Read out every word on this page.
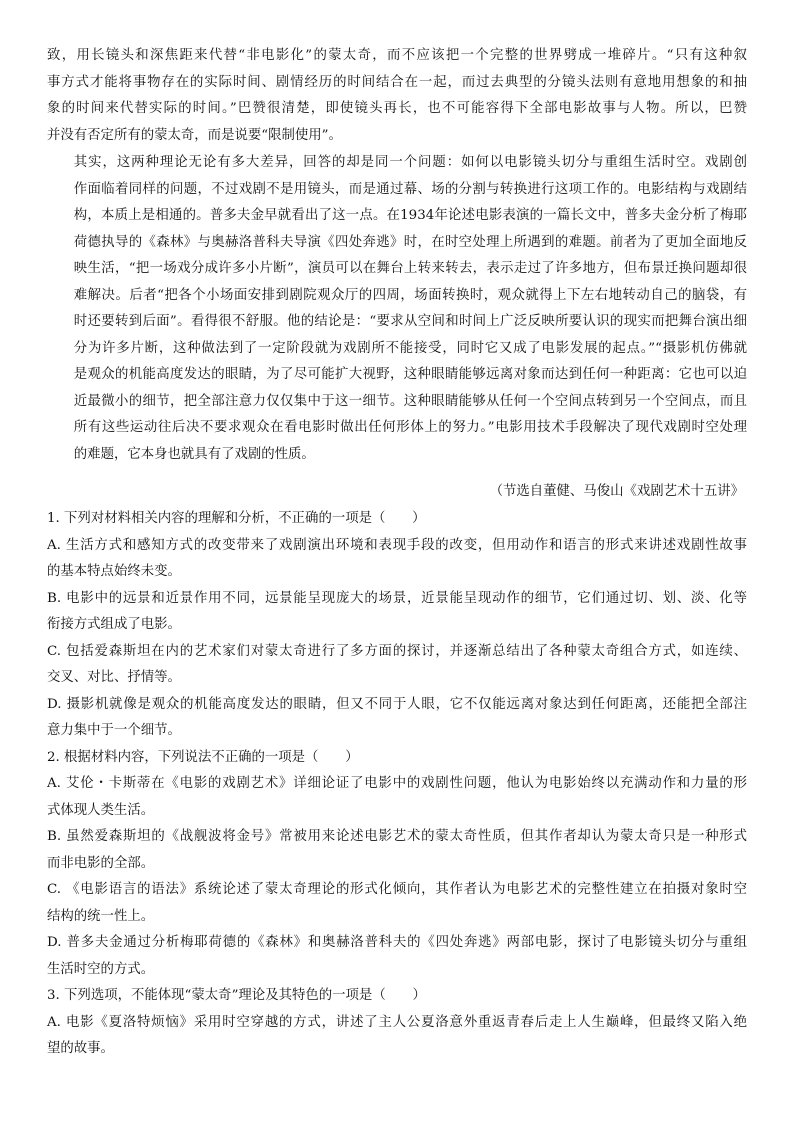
致，用长镜头和深焦距来代替“非电影化”的蒙太奇，而不应该把一个完整的世界劈成一堆碎片。“只有这种叙
事方式才能将事物存在的实际时间、剧情经历的时间结合在一起，而过去典型的分镜头法则有意地用想象的和抽
象的时间来代替实际的时间。”巴赞很清楚，即使镜头再长，也不可能容得下全部电影故事与人物。所以，巴赞
并没有否定所有的蒙太奇，而是说要“限制使用”。
其实，这两种理论无论有多大差异，回答的却是同一个问题：如何以电影镜头切分与重组生活时空。戏剧创
作面临着同样的问题，不过戏剧不是用镜头，而是通过幕、场的分割与转换进行这项工作的。电影结构与戏剧结
构，本质上是相通的。普多夫金早就看出了这一点。在1934年论述电影表演的一篇长文中，普多夫金分析了梅耶
荷德执导的《森林》与奥赫洛普科夫导演《四处奔逃》时，在时空处理上所遇到的难题。前者为了更加全面地反
映生活，“把一场戏分成许多小片断”，演员可以在舞台上转来转去，表示走过了许多地方，但布景迁换问题却很
难解决。后者“把各个小场面安排到剧院观众厅的四周，场面转换时，观众就得上下左右地转动自己的脑袋，有
时还要转到后面”。看得很不舒服。他的结论是：“要求从空间和时间上广泛反映所要认识的现实而把舞台演出细
分为许多片断，这种做法到了一定阶段就为戏剧所不能接受，同时它又成了电影发展的起点。”“摄影机仿佛就
是观众的机能高度发达的眼睛，为了尽可能扩大视野，这种眼睛能够远离对象而达到任何一种距离：它也可以迫
近最微小的细节，把全部注意力仅仅集中于这一细节。这种眼睛能够从任何一个空间点转到另一个空间点，而且
所有这些运动往后决不要求观众在看电影时做出任何形体上的努力。”电影用技术手段解决了现代戏剧时空处理
的难题，它本身也就具有了戏剧的性质。
（节选自董健、马俊山《戏剧艺术十五讲》
1. 下列对材料相关内容的理解和分析，不正确的一项是（　　）
A. 生活方式和感知方式的改变带来了戏剧演出环境和表现手段的改变，但用动作和语言的形式来讲述戏剧性故事
的基本特点始终未变。
B. 电影中的远景和近景作用不同，远景能呈现庞大的场景，近景能呈现动作的细节，它们通过切、划、淡、化等
衔接方式组成了电影。
C. 包括爱森斯坦在内的艺术家们对蒙太奇进行了多方面的探讨，并逐渐总结出了各种蒙太奇组合方式，如连续、
交叉、对比、抒情等。
D. 摄影机就像是观众的机能高度发达的眼睛，但又不同于人眼，它不仅能远离对象达到任何距离，还能把全部注
意力集中于一个细节。
2. 根据材料内容，下列说法不正确的一项是（　　）
A. 艾伦・卡斯蒂在《电影的戏剧艺术》详细论证了电影中的戏剧性问题，他认为电影始终以充满动作和力量的形
式体现人类生活。
B. 虽然爱森斯坦的《战舰波将金号》常被用来论述电影艺术的蒙太奇性质，但其作者却认为蒙太奇只是一种形式
而非电影的全部。
C. 《电影语言的语法》系统论述了蒙太奇理论的形式化倾向，其作者认为电影艺术的完整性建立在拍摄对象时空
结构的统一性上。
D. 普多夫金通过分析梅耶荷德的《森林》和奥赫洛普科夫的《四处奔逃》两部电影，探讨了电影镜头切分与重组
生活时空的方式。
3. 下列选项，不能体现“蒙太奇”理论及其特色的一项是（　　）
A. 电影《夏洛特烦恼》采用时空穿越的方式，讲述了主人公夏洛意外重返青春后走上人生巅峰，但最终又陷入绝
望的故事。
